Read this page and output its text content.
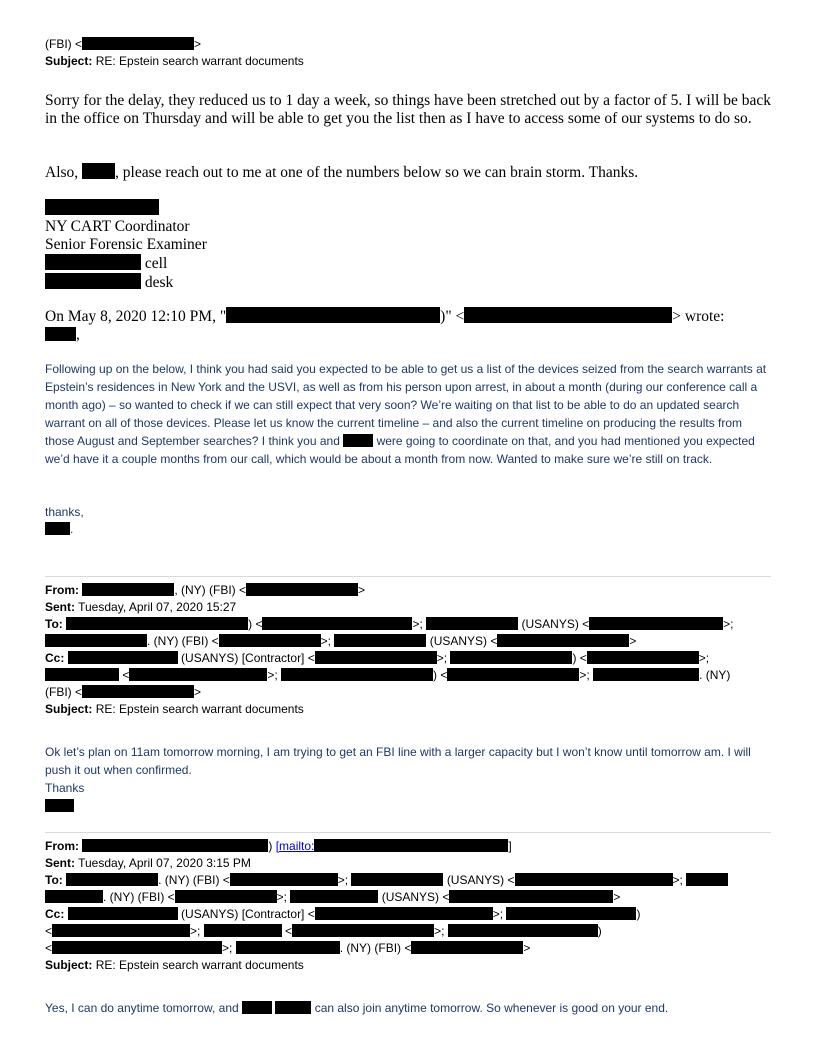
(FBI) <	>
Subject: RE: Epstein search warrant documents

Sorry for the delay, they reduced us to 1 day a week, so things have been stretched out by a factor of 5. I will be back in the office on Thursday and will be able to get you the list then as I have to access some of our systems to do so.

Also, , please reach out to me at one of the numbers below so we can brain storm. Thanks.
NY CART Coordinator
Senior Forensic Examiner
cell
desk
On May 8, 2020 12:10 PM, "	)" <	> wrote:
,

Following up on the below, I think you had said you expected to be able to get us a list of the devices seized from the search warrants at Epstein’s residences in New York and the USVI, as well as from his person upon arrest, in about a month (during our conference call a month ago) – so wanted to check if we can still expect that very soon? We’re waiting on that list to be able to do an updated search warrant on all of those devices. Please let us know the current timeline – and also the current timeline on producing the results from those August and September searches? I think you and	were going to coordinate on that, and you had mentioned you expected we’d have it a couple months from our call, which would be about a month from now. Wanted to make sure we’re still on track.

thanks,
.
From:	, (NY) (FBI) <	>
Sent: Tuesday, April 07, 2020 15:27
To:	) <	>;	(USANYS) <	>;
. (NY) (FBI) <	>;	(USANYS) <	>
Cc:	(USANYS) [Contractor] <	>;	) <	>;
<	>;	) <	>;	. (NY)
(FBI) <	>
Subject: RE: Epstein search warrant documents

Ok let’s plan on 11am tomorrow morning, I am trying to get an FBI line with a larger capacity but I won’t know until tomorrow am. I will push it out when confirmed.

Thanks

From:	) [mailto:	]
Sent: Tuesday, April 07, 2020 3:15 PM
To:	. (NY) (FBI) <	>;	(USANYS) <	>;
. (NY) (FBI) <	>;	(USANYS) <	>
Cc:	(USANYS) [Contractor] <	>;	)
<	>;	<	>;	)
<	>;	. (NY) (FBI) <	>
Subject: RE: Epstein search warrant documents
Yes, I can do anytime tomorrow, and	can also join anytime tomorrow. So whenever is good on your end.
